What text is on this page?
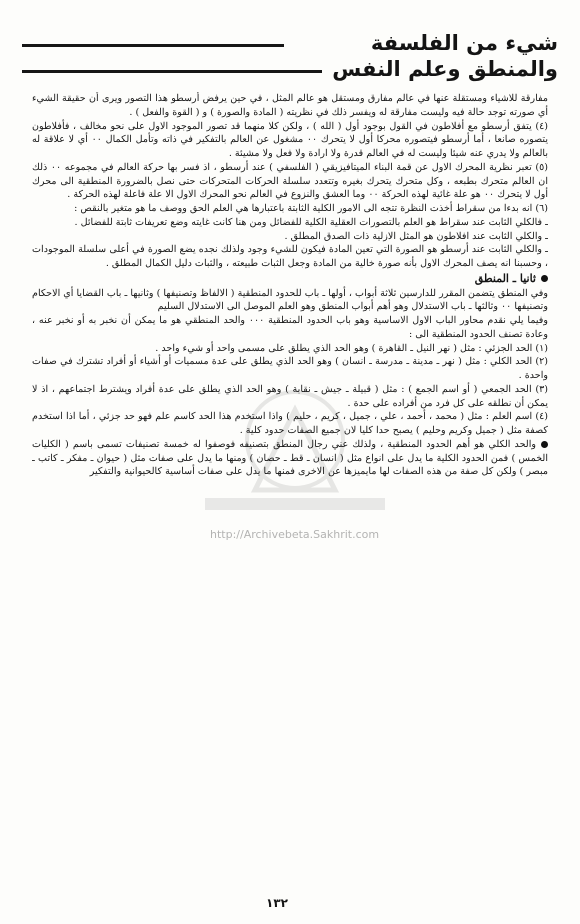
شيء من الفلسفة
والمنطق وعلم النفس
http://Archivebeta.Sakhrit.com

مفارقة للاشياء ومستقلة عنها في عالم مفارق ومستقل هو عالم المثل ، في حين يرفض أرسطو هذا التصور ويرى أن حقيقة الشيء أي صورته توجد حالة فيه وليست مفارقة له ويفسر ذلك في نظريته ( المادة والصورة ) و ( القوة والفعل ) .

(٤) يتفق أرسطو مع أفلاطون في القول بوجود أول ( الله ) ، ولكن كلا منهما قد تصور الموجود الاول على نحو مخالف ، فأفلاطون يتصوره صانعا ، أما أرسطو فيتصوره محركا أول لا يتحرك ٠٠ مشغول عن العالم بالتفكير في ذاته وتأمل الكمال ٠٠ أي لا علاقة له بالعالم ولا يدري عنه شيئا وليست له في العالم قدرة ولا ارادة ولا فعل ولا مشيئة .

(٥) تعبر نظرية المحرك الاول عن قمة البناء الميتافيزيقي ( الفلسفي ) عند أرسطو ، اذ فسر بها حركة العالم في مجموعه ٠٠ ذلك ان العالم متحرك بطبعه ، وكل متحرك يتحرك بغيره وتتعدد سلسلة الحركات المتحركات حتى نصل بالضرورة المنطقية الى محرك أول لا يتحرك ٠٠ هو علة غائية لهذه الحركة ٠٠ وما العشق والنزوع في العالم نحو المحرك الاول الا علة فاعلة لهذه الحركة .

(٦) انه بدءا من سقراط أخذت النظرة تتجه الى الامور الكلية الثابتة باعتبارها هي العلم الحق ووصف ما هو متغير بالنقص :

ـ فالكلي الثابت عند سقراط هو العلم بالتصورات العقلية الكلية للفضائل ومن هنا كانت غايته وضع تعريفات ثابتة للفضائل .

ـ والكلي الثابت عند افلاطون هو المثل الازلية ذات الصدق المطلق .

ـ والكلي الثابت عند أرسطو هو الصورة التي تعين المادة فيكون للشيء وجود ولذلك نجده يضع الصورة في أعلى سلسلة الموجودات ، وحسبنا انه يصف المحرك الاول بأنه صورة خالية من المادة وجعل الثبات طبيعته ، والثبات دليل الكمال المطلق .

ثانيا ـ المنطق

وفي المنطق يتضمن المقرر للدارسين ثلاثة أبواب ، أولها ـ باب للحدود المنطقية ( الالفاظ وتصنيفها ) وثانيها ـ باب القضايا أي الاحكام وتصنيفها ٠٠ وثالثها ـ باب الاستدلال وهو أهم أبواب المنطق وهو العلم الموصل الى الاستدلال السليم

وفيما يلي نقدم محاور الباب الاول الاساسية وهو باب الحدود المنطقية ٠٠٠ والحد المنطقي هو ما يمكن أن نخبر به أو نخبر عنه ، وعادة تصنف الحدود المنطقية الى :

(١) الحد الجزئي : مثل ( نهر النيل ـ القاهرة ) وهو الحد الذي يطلق على مسمى واحد أو شيء واحد .

(٢) الحد الكلي : مثل ( نهر ـ مدينة ـ مدرسة ـ انسان ) وهو الحد الذي يطلق على عدة مسميات أو أشياء أو أفراد تشترك في صفات واحدة .

(٣) الحد الجمعي ( أو اسم الجمع ) : مثل ( قبيلة ـ جيش ـ نقابة ) وهو الحد الذي يطلق على عدة أفراد ويشترط اجتماعهم ، اذ لا يمكن أن نطلقه على كل فرد من أفراده على حدة .

(٤) اسم العلم : مثل ( محمد ، أحمد ، علي ، جميل ، كريم ، حليم ) واذا استخدم هذا الحد كاسم علم فهو حد جزئي ، أما اذا استخدم كصفة مثل ( جميل وكريم وحليم ) يصبح حدا كليا لان جميع الصفات حدود كلية .

والحد الكلي هو أهم الحدود المنطقية ، ولذلك عني رجال المنطق بتصنيفه فوصفوا له خمسة تصنيفات تسمى باسم ( الكليات الخمس ) فمن الحدود الكلية ما يدل على انواع مثل ( انسان ـ قط ـ حصان ) ومنها ما يدل على صفات مثل ( حيوان ـ مفكر ـ كاتب ـ مبصر ) ولكن كل صفة من هذه الصفات لها مايميزها عن الاخرى فمنها ما يدل على صفات أساسية كالحيوانية والتفكير

١٣٢
